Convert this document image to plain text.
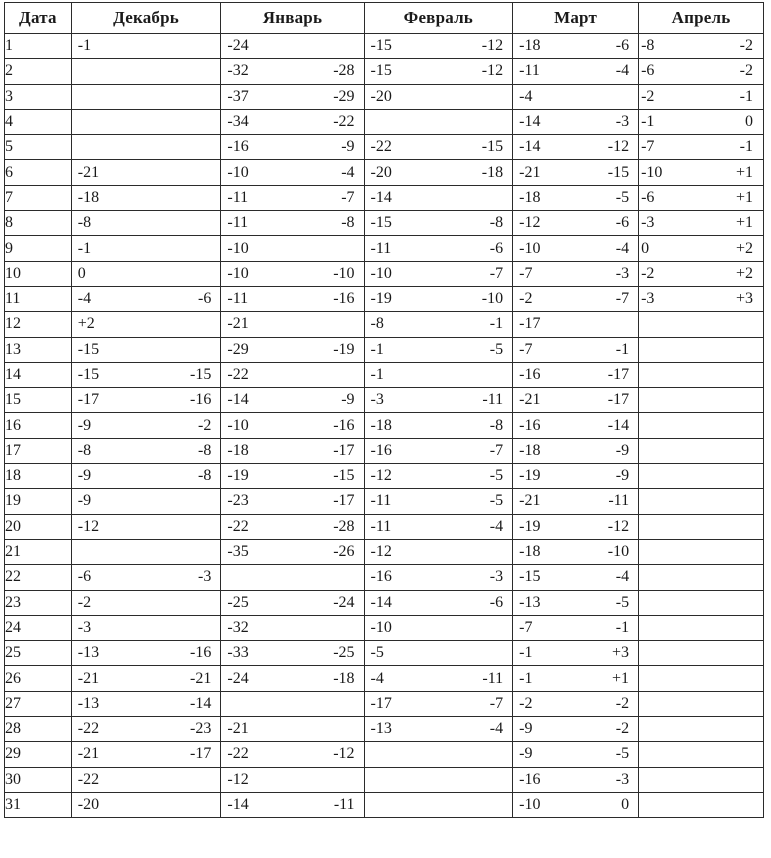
Дата	Декабрь	Январь	Февраль	Март	Апрель
1	-1	-24	-15 -12	-18 -6	-8 -2

2		-32 -28	-15 -12	-11 -4	-6 -2

3		-37 -29	-20	-4	-2 -1

4		-34 -22		-14 -3	-1 0

5		-16 -9	-22 -15	-14 -12	-7 -1

6	-21	-10 -4	-20 -18	-21 -15	-10 +1

7	-18	-11 -7	-14	-18 -5	-6 +1

8	-8	-11 -8	-15 -8	-12 -6	-3 +1

9	-1	-10	-11 -6	-10 -4	0 +2

10	0	-10 -10	-10 -7	-7 -3	-2 +2

11	-4 -6	-11 -16	-19 -10	-2 -7	-3 +3

12	+2	-21	-8 -1	-17	

13	-15	-29 -19	-1 -5	-7 -1	

14	-15 -15	-22	-1	-16 -17	

15	-17 -16	-14 -9	-3 -11	-21 -17	

16	-9 -2	-10 -16	-18 -8	-16 -14	

17	-8 -8	-18 -17	-16 -7	-18 -9	

18	-9 -8	-19 -15	-12 -5	-19 -9	

19	-9	-23 -17	-11 -5	-21 -11	

20	-12	-22 -28	-11 -4	-19 -12	

21		-35 -26	-12	-18 -10	

22	-6 -3		-16 -3	-15 -4	

23	-2	-25 -24	-14 -6	-13 -5	

24	-3	-32	-10	-7 -1	

25	-13 -16	-33 -25	-5	-1 +3	

26	-21 -21	-24 -18	-4 -11	-1 +1	

27	-13 -14		-17 -7	-2 -2	

28	-22 -23	-21	-13 -4	-9 -2	

29	-21 -17	-22 -12		-9 -5	

30	-22	-12		-16 -3	

31	-20	-14 -11		-10 0	
